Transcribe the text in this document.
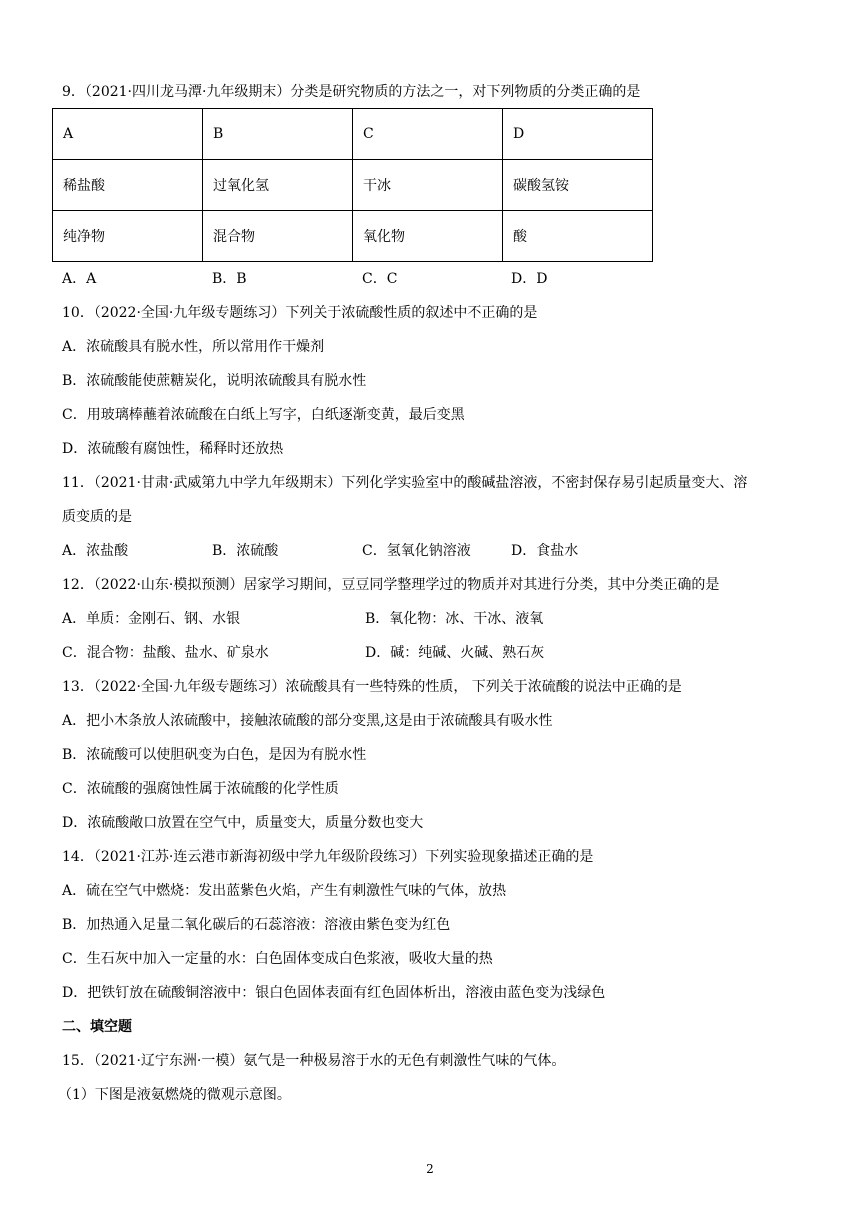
9．（2021·四川龙马潭·九年级期末）分类是研究物质的方法之一，对下列物质的分类正确的是
A	B	C	D
稀盐酸	过氧化氢	干冰	碳酸氢铵
纯净物	混合物	氧化物	酸
A．A	B．B	C．C	D．D
10．（2022·全国·九年级专题练习）下列关于浓硫酸性质的叙述中不正确的是
A．浓硫酸具有脱水性，所以常用作干燥剂
B．浓硫酸能使蔗糖炭化，说明浓硫酸具有脱水性
C．用玻璃棒蘸着浓硫酸在白纸上写字，白纸逐渐变黄，最后变黑
D．浓硫酸有腐蚀性，稀释时还放热
11．（2021·甘肃·武威第九中学九年级期末）下列化学实验室中的酸碱盐溶液，不密封保存易引起质量变大、溶
质变质的是
A．浓盐酸	B．浓硫酸	C．氢氧化钠溶液	D．食盐水
12．（2022·山东·模拟预测）居家学习期间，豆豆同学整理学过的物质并对其进行分类，其中分类正确的是
A．单质：金刚石、钢、水银	B．氧化物：冰、干冰、液氧
C．混合物：盐酸、盐水、矿泉水	D．碱：纯碱、火碱、熟石灰
13．（2022·全国·九年级专题练习）浓硫酸具有一些特殊的性质， 下列关于浓硫酸的说法中正确的是
A．把小木条放人浓硫酸中，接触浓硫酸的部分变黑,这是由于浓硫酸具有吸水性
B．浓硫酸可以使胆矾变为白色，是因为有脱水性
C．浓硫酸的强腐蚀性属于浓硫酸的化学性质
D．浓硫酸敞口放置在空气中，质量变大，质量分数也变大
14．（2021·江苏·连云港市新海初级中学九年级阶段练习）下列实验现象描述正确的是
A．硫在空气中燃烧：发出蓝紫色火焰，产生有刺激性气味的气体，放热
B．加热通入足量二氧化碳后的石蕊溶液：溶液由紫色变为红色
C．生石灰中加入一定量的水：白色固体变成白色浆液，吸收大量的热
D．把铁钉放在硫酸铜溶液中：银白色固体表面有红色固体析出，溶液由蓝色变为浅绿色
二、填空题
15．（2021·辽宁东洲·一模）氨气是一种极易溶于水的无色有刺激性气味的气体。
（1）下图是液氨燃烧的微观示意图。
2
